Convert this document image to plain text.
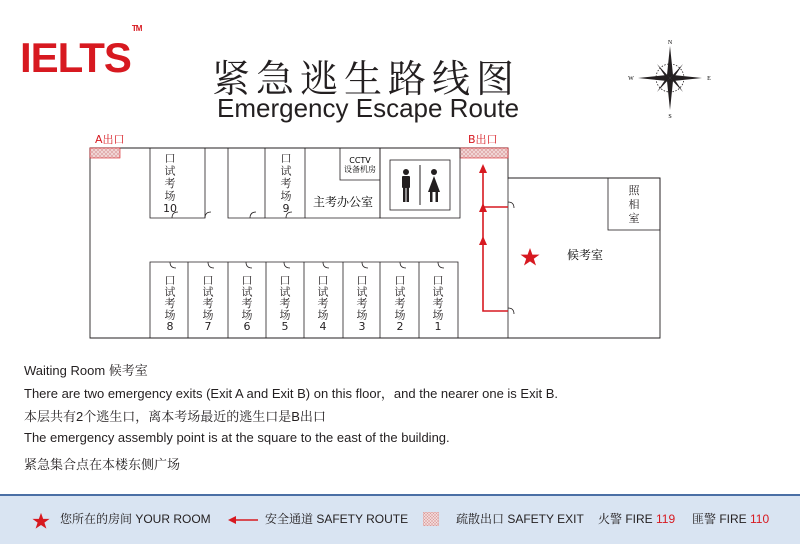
IELTS™
紧急逃生路线图
Emergency Escape Route
N
S
W	E
A出口	B出口
口
试
考
场
10
口
试
考
场
9
口
试
考
场
8
口
试
考
场
7
口
试
考
场
6
口
试
考
场
5
口
试
考
场
4
口
试
考
场
3
口
试
考
场
2
口
试
考
场
1
照
相
室
主考办公室
CCTV
设备机房
候考室
Waiting Room 候考室
There are two emergency exits (Exit A and Exit B) on this floor，and the nearer one is Exit B.
本层共有2个逃生口，离本考场最近的逃生口是B出口
The emergency assembly point is at the square to the east of the building.
紧急集合点在本楼东侧广场
您所在的房间 YOUR ROOM	安全通道 SAFETY ROUTE	疏散出口 SAFETY EXIT 火警 FIRE 119 匪警 FIRE 110
